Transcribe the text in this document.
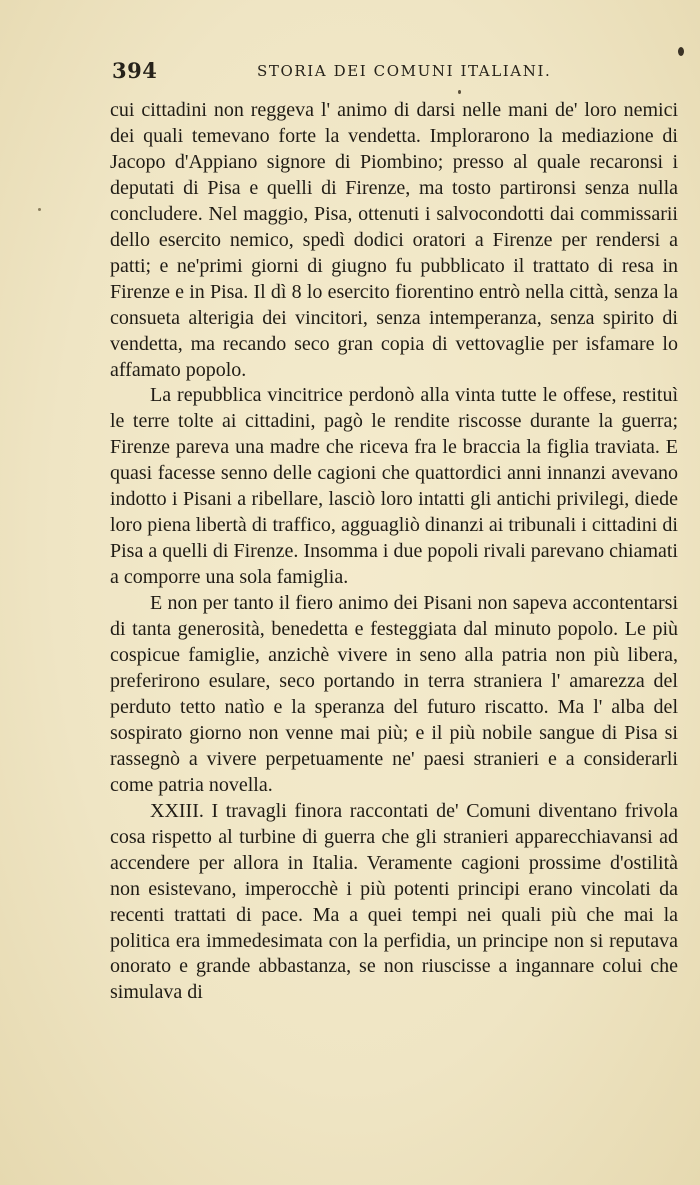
394	STORIA DEI COMUNI ITALIANI.

cui cittadini non reggeva l' animo di darsi nelle mani de' loro nemici dei quali temevano forte la vendetta. Implorarono la mediazione di Jacopo d'Appiano signore di Piombino; presso al quale recaronsi i deputati di Pisa e quelli di Firenze, ma tosto partironsi senza nulla concludere. Nel maggio, Pisa, ottenuti i salvocondotti dai commissarii dello esercito nemico, spedì dodici oratori a Firenze per rendersi a patti; e ne'primi giorni di giugno fu pubblicato il trattato di resa in Firenze e in Pisa. Il dì 8 lo esercito fiorentino entrò nella città, senza la consueta alterigia dei vincitori, senza intemperanza, senza spirito di vendetta, ma recando seco gran copia di vettovaglie per isfamare lo affamato popolo.

La repubblica vincitrice perdonò alla vinta tutte le offese, restituì le terre tolte ai cittadini, pagò le rendite riscosse durante la guerra; Firenze pareva una madre che riceva fra le braccia la figlia traviata. E quasi facesse senno delle cagioni che quattordici anni innanzi avevano indotto i Pisani a ribellare, lasciò loro intatti gli antichi privilegi, diede loro piena libertà di traffico, agguagliò dinanzi ai tribunali i cittadini di Pisa a quelli di Firenze. Insomma i due popoli rivali parevano chiamati a comporre una sola famiglia.

E non per tanto il fiero animo dei Pisani non sapeva accontentarsi di tanta generosità, benedetta e festeggiata dal minuto popolo. Le più cospicue famiglie, anzichè vivere in seno alla patria non più libera, preferirono esulare, seco portando in terra straniera l' amarezza del perduto tetto natìo e la speranza del futuro riscatto. Ma l' alba del sospirato giorno non venne mai più; e il più nobile sangue di Pisa si rassegnò a vivere perpetuamente ne' paesi stranieri e a considerarli come patria novella.

XXIII. I travagli finora raccontati de' Comuni diventano frivola cosa rispetto al turbine di guerra che gli stranieri apparecchiavansi ad accendere per allora in Italia. Veramente cagioni prossime d'ostilità non esistevano, imperocchè i più potenti principi erano vincolati da recenti trattati di pace. Ma a quei tempi nei quali più che mai la politica era immedesimata con la perfidia, un principe non si reputava onorato e grande abbastanza, se non riuscisse a ingannare colui che simulava di
